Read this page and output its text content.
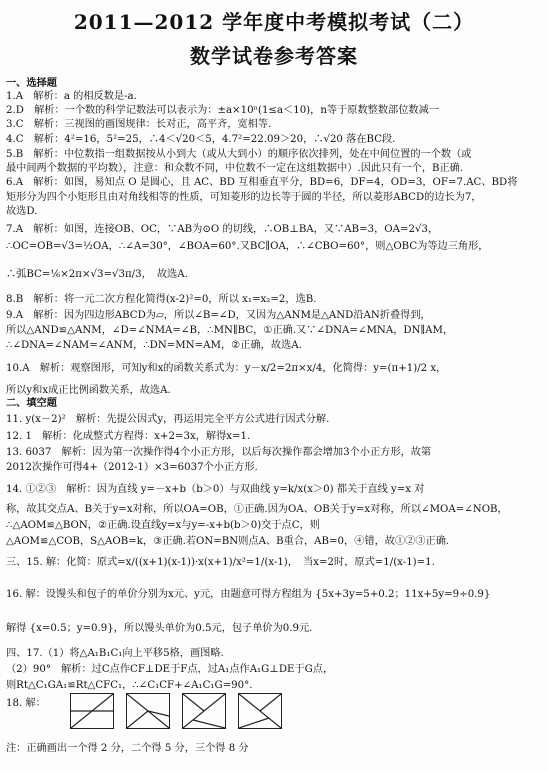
2011—2012 学年度中考模拟考试（二）
数学试卷参考答案
一、选择题
1.A　解析：a 的相反数是-a.
2.D　解析：一个数的科学记数法可以表示为：±a×10ⁿ(1≤a＜10)，n等于原数整数部位数减一
3.C　解析：三视图的画图规律：长对正，高平齐，宽相等.
4.C　解析：4²=16，5²=25，∴4＜√20＜5，4.7²=22.09＞20，∴√20 落在BC段.
5.B　解析：中位数指一组数据按从小到大（或从大到小）的顺序依次排列，处在中间位置的一个数（或
最中间两个数据的平均数），注意：和众数不同，中位数不一定在这组数据中）.因此只有一个，B正确.
6.A　解析：如图，易知点 O 是圆心，且 AC、BD 互相垂直平分，BD=6，DF=4，OD=3，OF=7.AC、BD将
矩形分为四个小矩形且由对角线相等的性质，可知菱形的边长等于圆的半径，所以菱形ABCD的边长为7，
故选D.
7.A　解析：如图，连接OB、OC，∵AB为⊙O 的切线，∴OB⊥BA，又∵AB=3，OA=2√3，
∴OC=OB=√3=½OA，∴∠A=30°，∠BOA=60°.又BC∥OA，∴∠CBO=60°，则△OBC为等边三角形，
∴弧BC=⅙×2π×√3=√3π/3，　故选A.
8.B　解析：将一元二次方程化简得(x-2)²=0，所以 x₁=x₂=2，选B.
9.A　解析：因为四边形ABCD为▱，所以∠B=∠D，又因为△ANM是△AND沿AN折叠得到，
所以△AND≌△ANM，∠D=∠NMA=∠B，∴MN∥BC，①正确.又∵∠DNA=∠MNA，DN∥AM，
∴∠DNA=∠NAM=∠ANM，∴DN=MN=AM，②正确，故选A.
10.A　解析：观察图形，可知y和x的函数关系式为：y－x/2=2π×x/4，化简得：y=(π+1)/2 x，
所以y和x成正比例函数关系，故选A.
二、填空题
11. y(x－2)²　解析：先提公因式y，再运用完全平方公式进行因式分解.
12. 1　解析：化成整式方程得：x+2=3x，解得x=1.
13. 6037　解析：因为第一次操作得4个小正方形，以后每次操作都会增加3个小正方形，故第
2012次操作可得4+（2012-1）×3=6037个小正方形.
14. ①②③　解析：因为直线 y=－x+b（b＞0）与双曲线 y=k/x(x＞0) 都关于直线 y=x 对
称，故其交点A、B关于y=x对称，所以OA=OB，①正确.因为OA、OB关于y=x对称，所以∠MOA=∠NOB，
∴△AOM≌△BON，②正确.设直线y=x与y=-x+b(b＞0)交于点C，则
△AOM≌△COB，S△AOB=k，③正确.若ON=BN则点A、B重合，AB=0，④错，故①②③正确.
三、15. 解：化简：原式=x/((x+1)(x-1))·x(x+1)/x²=1/(x-1)，　当x=2时，原式=1/(x-1)=1.
16. 解：设馒头和包子的单价分别为x元、y元，由题意可得方程组为 {5x+3y=5+0.2；11x+5y=9÷0.9}
解得 {x=0.5；y=0.9}，所以馒头单价为0.5元，包子单价为0.9元.
四、17.（1）将△A₁B₁C₁向上平移5格，画图略.
（2）90°　解析：过C点作CF⊥DE于F点，过A₁点作A₁G⊥DE于G点，
则Rt△C₁GA₁≌Rt△CFC₁，∴∠C₁CF+∠A₁C₁G=90°.
18. 解：
注：正确画出一个得 2 分，二个得 5 分，三个得 8 分
